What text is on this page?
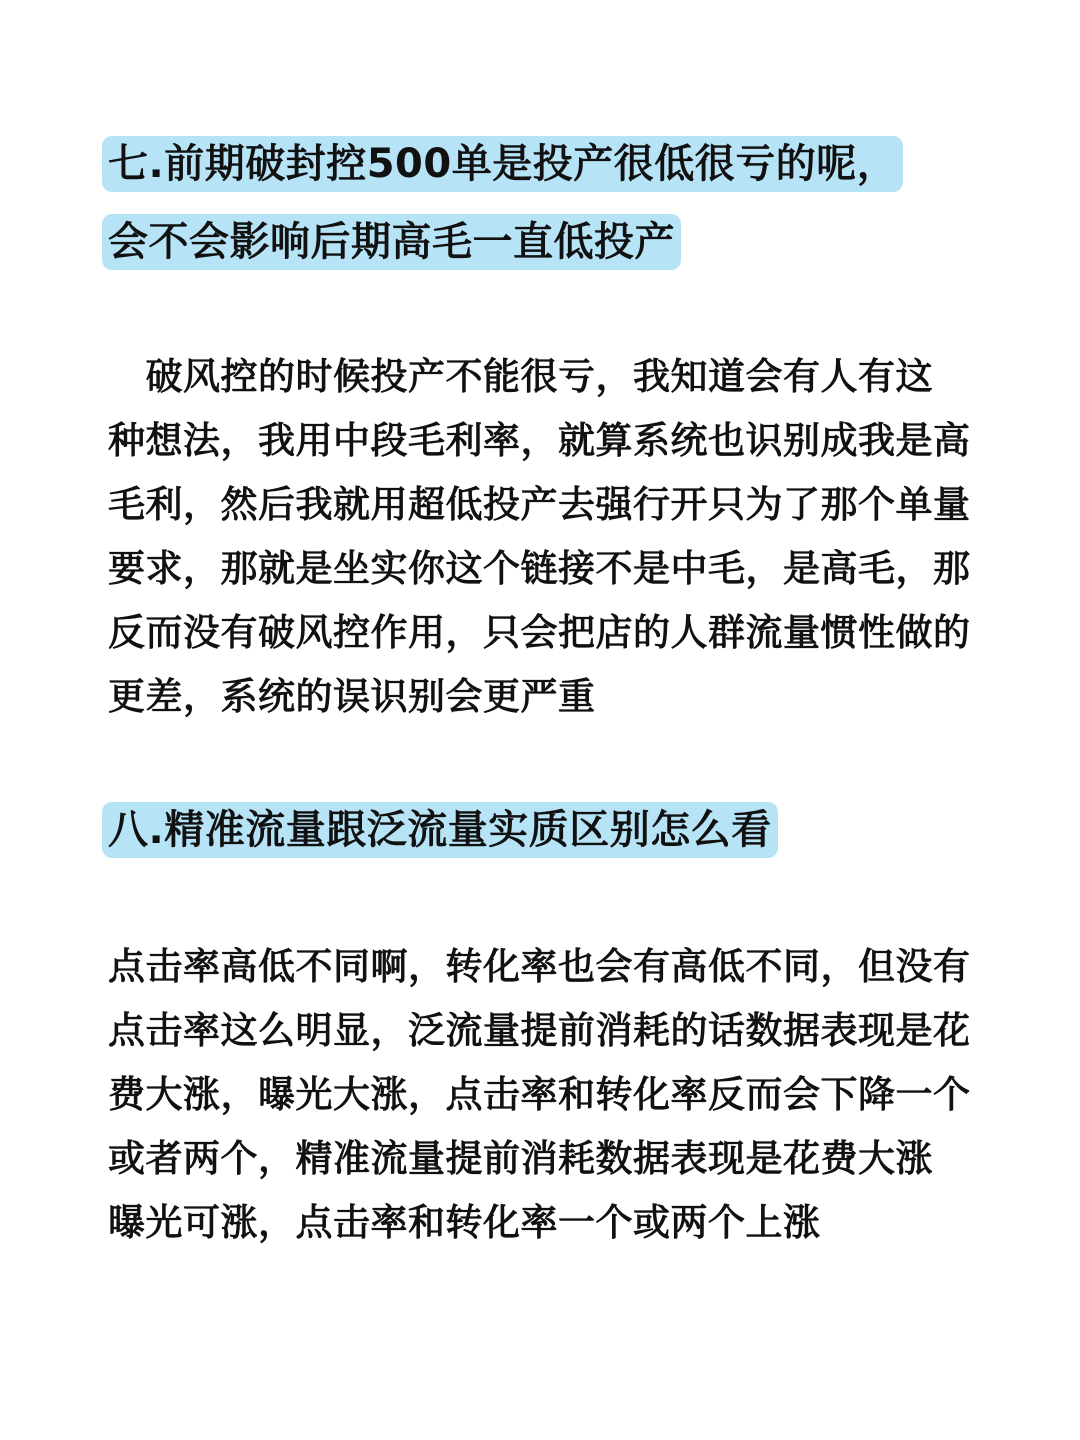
七.前期破封控500单是投产很低很亏的呢，
会不会影响后期高毛一直低投产
　破风控的时候投产不能很亏，我知道会有人有这
种想法，我用中段毛利率，就算系统也识别成我是高
毛利，然后我就用超低投产去强行开只为了那个单量
要求，那就是坐实你这个链接不是中毛，是高毛，那
反而没有破风控作用，只会把店的人群流量惯性做的
更差，系统的误识别会更严重
八.精准流量跟泛流量实质区别怎么看
点击率高低不同啊，转化率也会有高低不同，但没有
点击率这么明显，泛流量提前消耗的话数据表现是花
费大涨，曝光大涨，点击率和转化率反而会下降一个
或者两个，精准流量提前消耗数据表现是花费大涨
曝光可涨，点击率和转化率一个或两个上涨
